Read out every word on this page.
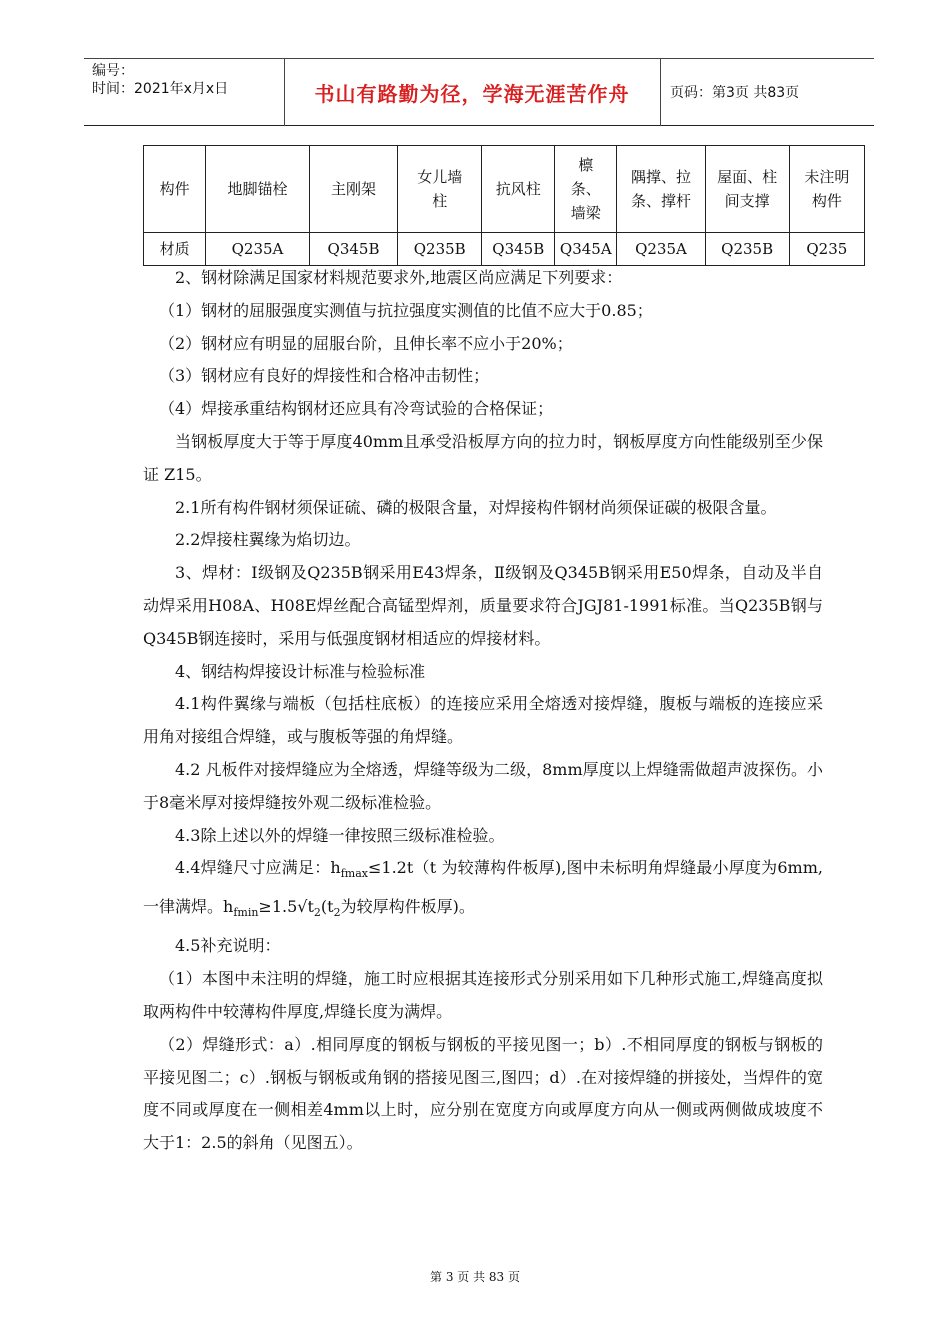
编号：
时间：2021年x月x日	书山有路勤为径，学海无涯苦作舟	页码：第3页 共83页
构件	地脚锚栓	主刚架	女儿墙柱	抗风柱	檩条、墙梁	隅撑、拉条、撑杆	屋面、柱间支撑	未注明构件
材质	Q235A	Q345B	Q235B	Q345B	Q345A	Q235A	Q235B	Q235

2、钢材除满足国家材料规范要求外,地震区尚应满足下列要求：

（1）钢材的屈服强度实测值与抗拉强度实测值的比值不应大于0.85；

（2）钢材应有明显的屈服台阶，且伸长率不应小于20%；

（3）钢材应有良好的焊接性和合格冲击韧性；

（4）焊接承重结构钢材还应具有冷弯试验的合格保证；

当钢板厚度大于等于厚度40mm且承受沿板厚方向的拉力时，钢板厚度方向性能级别至少保证 Z15。

2.1所有构件钢材须保证硫、磷的极限含量，对焊接构件钢材尚须保证碳的极限含量。

2.2焊接柱翼缘为焰切边。

3、焊材：Ⅰ级钢及Q235B钢采用E43焊条，Ⅱ级钢及Q345B钢采用E50焊条，自动及半自动焊采用H08A、H08E焊丝配合高锰型焊剂，质量要求符合JGJ81-1991标准。当Q235B钢与Q345B钢连接时，采用与低强度钢材相适应的焊接材料。

4、钢结构焊接设计标准与检验标准

4.1构件翼缘与端板（包括柱底板）的连接应采用全熔透对接焊缝，腹板与端板的连接应采用角对接组合焊缝，或与腹板等强的角焊缝。

4.2 凡板件对接焊缝应为全熔透，焊缝等级为二级，8mm厚度以上焊缝需做超声波探伤。小于8毫米厚对接焊缝按外观二级标准检验。

4.3除上述以外的焊缝一律按照三级标准检验。

4.4焊缝尺寸应满足：$h_{fmax}\le 1.2t(t$ 为较薄构件板厚),图中未标明角焊缝最小厚度为6mm,一律满焊。$h_{fmin}\ge 1.5√t_2(t_2$为较厚构件板厚)。

4.5补充说明：

（1）本图中未注明的焊缝，施工时应根据其连接形式分别采用如下几种形式施工,焊缝高度拟取两构件中较薄构件厚度,焊缝长度为满焊。

（2）焊缝形式：a）.相同厚度的钢板与钢板的平接见图一；b）.不相同厚度的钢板与钢板的平接见图二；c）.钢板与钢板或角钢的搭接见图三,图四；d）.在对接焊缝的拼接处，当焊件的宽度不同或厚度在一侧相差4mm以上时，应分别在宽度方向或厚度方向从一侧或两侧做成坡度不大于1：2.5的斜角（见图五）。

第 3 页 共 83 页
